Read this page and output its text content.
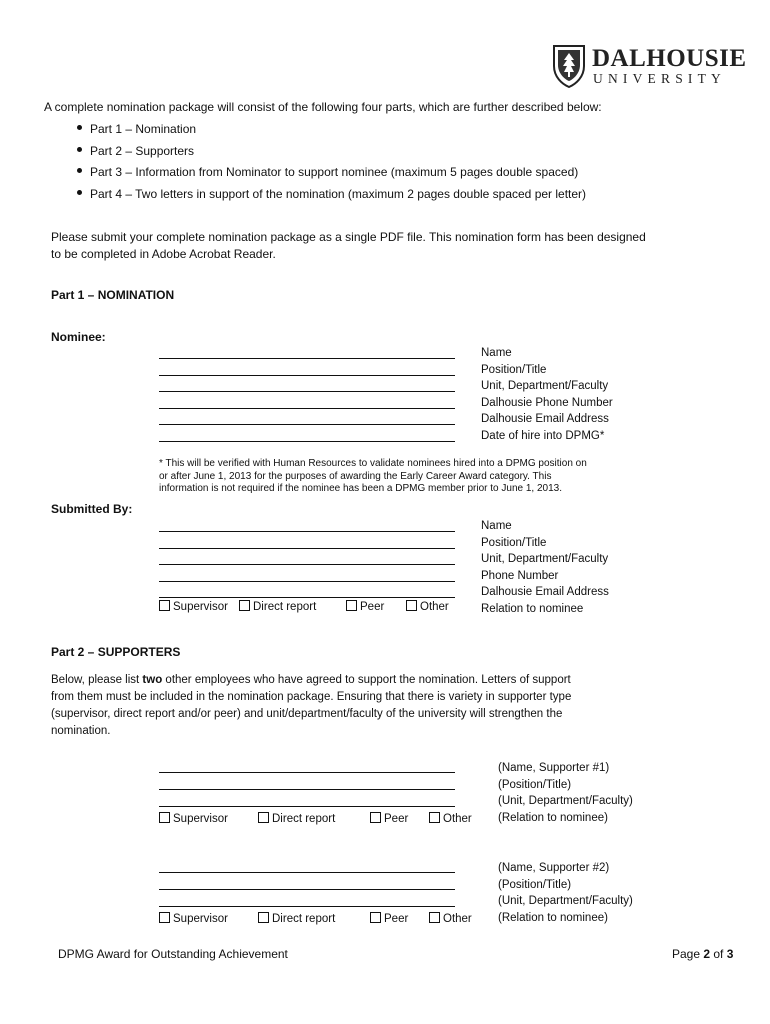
DALHOUSIE
UNIVERSITY
A complete nomination package will consist of the following four parts, which are further described below:
Part 1 – Nomination
Part 2 – Supporters
Part 3 – Information from Nominator to support nominee (maximum 5 pages double spaced)
Part 4 – Two letters in support of the nomination (maximum 2 pages double spaced per letter)
Please submit your complete nomination package as a single PDF file. This nomination form has been designed
to be completed in Adobe Acrobat Reader.
Part 1 – NOMINATION
Nominee:
Name
Position/Title
Unit, Department/Faculty
Dalhousie Phone Number
Dalhousie Email Address
Date of hire into DPMG*
* This will be verified with Human Resources to validate nominees hired into a DPMG position on
or after June 1, 2013 for the purposes of awarding the Early Career Award category. This
information is not required if the nominee has been a DPMG member prior to June 1, 2013.
Submitted By:
Name
Position/Title
Unit, Department/Faculty
Phone Number
Dalhousie Email Address
Relation to nominee
Supervisor	Direct report	Peer	Other
Part 2 – SUPPORTERS
Below, please list two other employees who have agreed to support the nomination. Letters of support
from them must be included in the nomination package. Ensuring that there is variety in supporter type
(supervisor, direct report and/or peer) and unit/department/faculty of the university will strengthen the
nomination.
(Name, Supporter #1)
(Position/Title)
(Unit, Department/Faculty)
(Relation to nominee)
Supervisor	Direct report	Peer	Other
(Name, Supporter #2)
(Position/Title)
(Unit, Department/Faculty)
(Relation to nominee)
Supervisor	Direct report	Peer	Other
DPMG Award for Outstanding Achievement	Page 2 of 3
